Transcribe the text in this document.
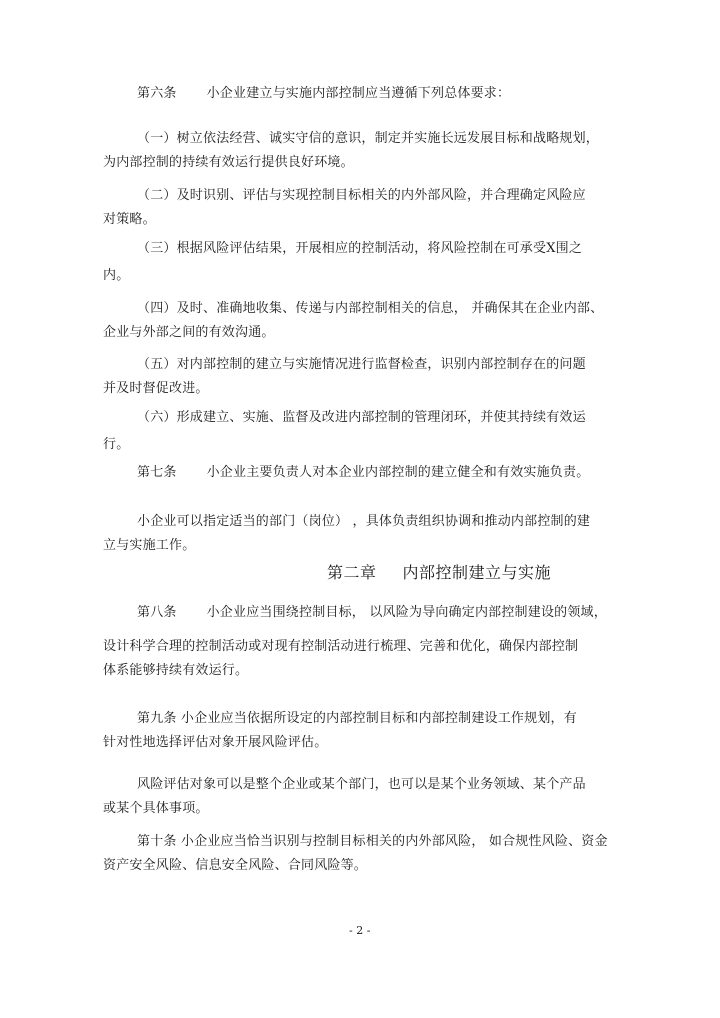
第六条 小企业建立与实施内部控制应当遵循下列总体要求：
（一）树立依法经营、诚实守信的意识，制定并实施长远发展目标和战略规划，
为内部控制的持续有效运行提供良好环境。
（二）及时识别、评估与实现控制目标相关的内外部风险，并合理确定风险应
对策略。
（三）根据风险评估结果，开展相应的控制活动，将风险控制在可承受X围之
内。
（四）及时、准确地收集、传递与内部控制相关的信息， 并确保其在企业内部、
企业与外部之间的有效沟通。
（五）对内部控制的建立与实施情况进行监督检查，识别内部控制存在的问题
并及时督促改进。
（六）形成建立、实施、监督及改进内部控制的管理闭环，并使其持续有效运
行。
第七条 小企业主要负责人对本企业内部控制的建立健全和有效实施负责。
小企业可以指定适当的部门（岗位） ，具体负责组织协调和推动内部控制的建
立与实施工作。
第二章 内部控制建立与实施
第八条 小企业应当围绕控制目标， 以风险为导向确定内部控制建设的领域，
设计科学合理的控制活动或对现有控制活动进行梳理、完善和优化，确保内部控制
体系能够持续有效运行。
第九条 小企业应当依据所设定的内部控制目标和内部控制建设工作规划，有
针对性地选择评估对象开展风险评估。
风险评估对象可以是整个企业或某个部门，也可以是某个业务领域、某个产品
或某个具体事项。
第十条 小企业应当恰当识别与控制目标相关的内外部风险， 如合规性风险、资金
资产安全风险、信息安全风险、合同风险等。
- 2 -
